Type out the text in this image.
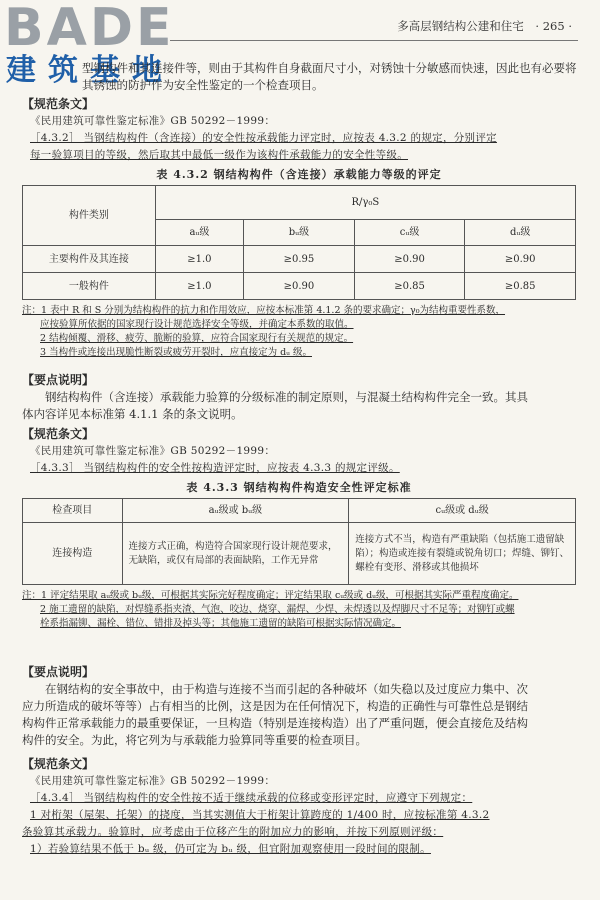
BADE
建筑基地
多高层钢结构公建和住宅 · 265 ·
型钢构件和其连接件等，则由于其构件自身截面尺寸小，对锈蚀十分敏感而快速，因此也有必要将
其锈蚀的防护作为安全性鉴定的一个检查项目。
【规范条文】
《民用建筑可靠性鉴定标准》GB 50292－1999：
［4.3.2］ 当钢结构构件（含连接）的安全性按承载能力评定时，应按表 4.3.2 的规定，分别评定
每一验算项目的等级，然后取其中最低一级作为该构件承载能力的安全性等级。
表 4.3.2 钢结构构件（含连接）承载能力等级的评定
构件类别	R/γ₀S			
	aᵤ级	bᵤ级	cᵤ级	dᵤ级
主要构件及其连接	≥1.0	≥0.95	≥0.90	≥0.90
一般构件	≥1.0	≥0.90	≥0.85	≥0.85
注：1 表中 R 和 S 分别为结构构件的抗力和作用效应，应按本标准第 4.1.2 条的要求确定；γ₀为结构重要性系数，
应按验算所依据的国家现行设计规范选择安全等级，并确定本系数的取值。
2 结构倾覆、滑移、疲劳、脆断的验算，应符合国家现行有关规范的规定。
3 当构件或连接出现脆性断裂或疲劳开裂时，应直接定为 dᵤ 级。
【要点说明】
钢结构构件（含连接）承载能力验算的分级标准的制定原则，与混凝土结构构件完全一致。其具
体内容详见本标准第 4.1.1 条的条文说明。
【规范条文】
《民用建筑可靠性鉴定标准》GB 50292－1999：
［4.3.3］ 当钢结构构件的安全性按构造评定时，应按表 4.3.3 的规定评级。
表 4.3.3 钢结构构件构造安全性评定标准
检查项目	aᵤ级或 bᵤ级	cᵤ级或 dᵤ级
连接构造	连接方式正确，构造符合国家现行设计规范要求，无缺陷，或仅有局部的表面缺陷，工作无异常	连接方式不当，构造有严重缺陷（包括施工遗留缺陷）；构造或连接有裂缝或锐角切口；焊缝、铆钉、螺栓有变形、滑移或其他损坏
注：1 评定结果取 aᵤ级或 bᵤ级，可根据其实际完好程度确定；评定结果取 cᵤ级或 dᵤ级，可根据其实际严重程度确定。
2 施工遗留的缺陷，对焊缝系指夹渣、气泡、咬边、烧穿、漏焊、少焊、未焊透以及焊脚尺寸不足等；对铆钉或螺
栓系指漏铆、漏栓、错位、错排及掉头等；其他施工遗留的缺陷可根据实际情况确定。
【要点说明】
在钢结构的安全事故中，由于构造与连接不当而引起的各种破坏（如失稳以及过度应力集中、次
应力所造成的破坏等等）占有相当的比例，这是因为在任何情况下，构造的正确性与可靠性总是钢结
构构件正常承载能力的最重要保证，一旦构造（特别是连接构造）出了严重问题，便会直接危及结构
构件的安全。为此，将它列为与承载能力验算同等重要的检查项目。
【规范条文】
《民用建筑可靠性鉴定标准》GB 50292－1999：
［4.3.4］ 当钢结构构件的安全性按不适于继续承载的位移或变形评定时，应遵守下列规定：
1 对桁架（屋架、托架）的挠度，当其实测值大于桁架计算跨度的 1/400 时，应按标准第 4.3.2
条验算其承载力。验算时，应考虑由于位移产生的附加应力的影响，并按下列原则评级：
1）若验算结果不低于 bᵤ 级，仍可定为 bᵤ 级，但宜附加观察使用一段时间的限制。
